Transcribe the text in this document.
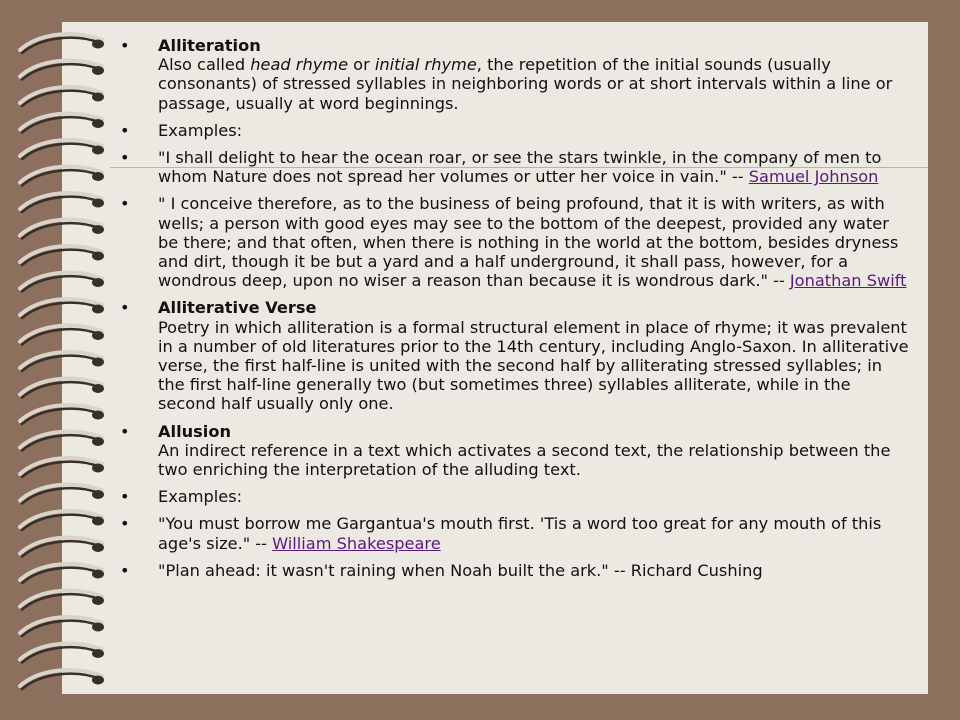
• Alliteration
Also called head rhyme or initial rhyme, the repetition of the initial sounds (usually consonants) of stressed syllables in neighboring words or at short intervals within a line or passage, usually at word beginnings.
• Examples:
• "I shall delight to hear the ocean roar, or see the stars twinkle, in the company of men to whom Nature does not spread her volumes or utter her voice in vain." -- Samuel Johnson
• " I conceive therefore, as to the business of being profound, that it is with writers, as with wells; a person with good eyes may see to the bottom of the deepest, provided any water be there; and that often, when there is nothing in the world at the bottom, besides dryness and dirt, though it be but a yard and a half underground, it shall pass, however, for a wondrous deep, upon no wiser a reason than because it is wondrous dark." -- Jonathan Swift
• Alliterative Verse
Poetry in which alliteration is a formal structural element in place of rhyme; it was prevalent in a number of old literatures prior to the 14th century, including Anglo-Saxon. In alliterative verse, the first half-line is united with the second half by alliterating stressed syllables; in the first half-line generally two (but sometimes three) syllables alliterate, while in the second half usually only one.
• Allusion
An indirect reference in a text which activates a second text, the relationship between the two enriching the interpretation of the alluding text.
• Examples:
• "You must borrow me Gargantua's mouth first. 'Tis a word too great for any mouth of this age's size." -- William Shakespeare
• "Plan ahead: it wasn't raining when Noah built the ark." -- Richard Cushing
